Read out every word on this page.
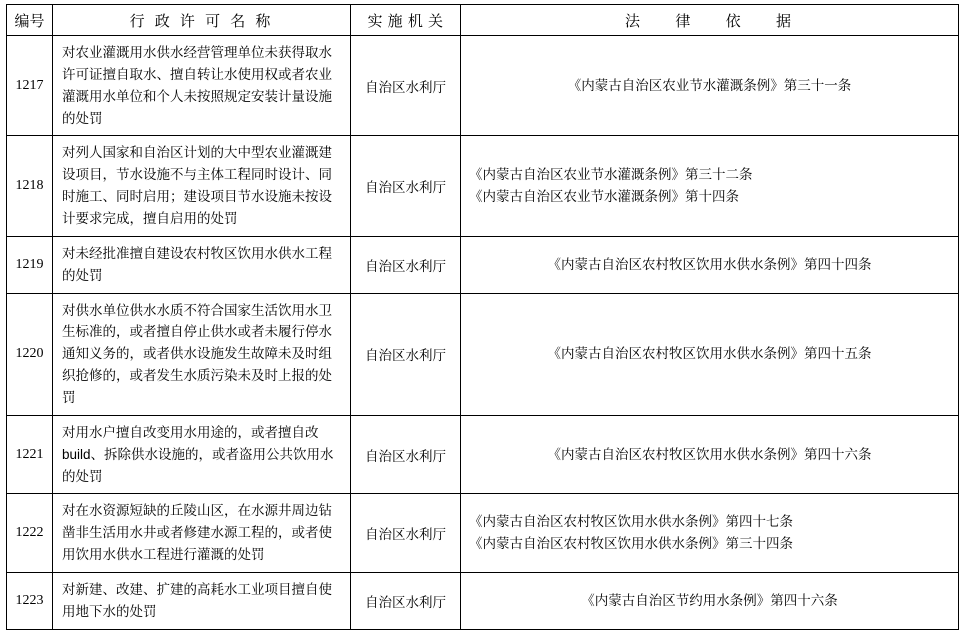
编号	行 政 许 可 名 称	实 施 机 关	法 　 律 　 依 　 据
1217	对农业灌溉用水供水经营管理单位未获得取水许可证擅自取水、擅自转让水使用权或者农业灌溉用水单位和个人未按照规定安装计量设施的处罚	自治区水利厅	《内蒙古自治区农业节水灌溉条例》第三十一条

1218	对列人国家和自治区计划的大中型农业灌溉建设项目，节水设施不与主体工程同时设计、同时施工、同时启用；建设项目节水设施未按设计要求完成，擅自启用的处罚	自治区水利厅	《内蒙古自治区农业节水灌溉条例》第三十二条
《内蒙古自治区农业节水灌溉条例》第十四条

1219	对未经批准擅自建设农村牧区饮用水供水工程的处罚	自治区水利厅	《内蒙古自治区农村牧区饮用水供水条例》第四十四条

1220	对供水单位供水水质不符合国家生活饮用水卫生标准的，或者擅自停止供水或者未履行停水通知义务的，或者供水设施发生故障未及时组织抢修的，或者发生水质污染未及时上报的处罚	自治区水利厅	《内蒙古自治区农村牧区饮用水供水条例》第四十五条

1221	对用水户擅自改变用水用途的，或者擅自改build、拆除供水设施的，或者盗用公共饮用水的处罚	自治区水利厅	《内蒙古自治区农村牧区饮用水供水条例》第四十六条

1222	对在水资源短缺的丘陵山区，在水源井周边钻凿非生活用水井或者修建水源工程的，或者使用饮用水供水工程进行灌溉的处罚	自治区水利厅	《内蒙古自治区农村牧区饮用水供水条例》第四十七条
《内蒙古自治区农村牧区饮用水供水条例》第三十四条

1223	对新建、改建、扩建的高耗水工业项目擅自使用地下水的处罚	自治区水利厅	《内蒙古自治区节约用水条例》第四十六条
